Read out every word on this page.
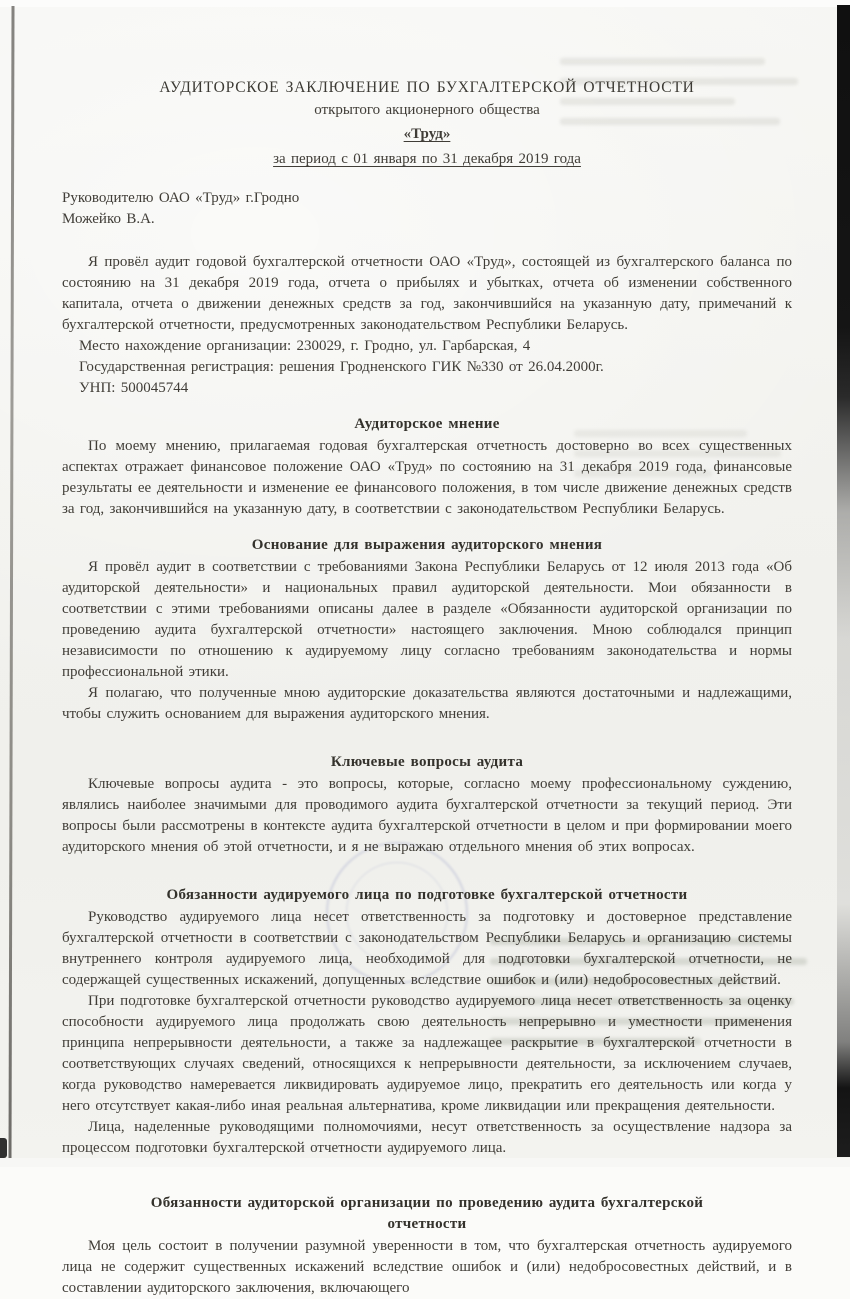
АУДИТОРСКОЕ ЗАКЛЮЧЕНИЕ ПО БУХГАЛТЕРСКОЙ ОТЧЕТНОСТИ
открытого акционерного общества
«Труд»
за период с 01 января по 31 декабря 2019 года
Руководителю ОАО «Труд» г.Гродно
Можейко В.А.

Я провёл аудит годовой бухгалтерской отчетности ОАО «Труд», состоящей из бухгалтерского баланса по состоянию на 31 декабря 2019 года, отчета о прибылях и убытках, отчета об изменении собственного капитала, отчета о движении денежных средств за год, закончившийся на указанную дату, примечаний к бухгалтерской отчетности, предусмотренных законодательством Республики Беларусь.

Место нахождение организации: 230029, г. Гродно, ул. Гарбарская, 4
Государственная регистрация: решения Гродненского ГИК №330 от 26.04.2000г.
УНП: 500045744
Аудиторское мнение

По моему мнению, прилагаемая годовая бухгалтерская отчетность достоверно во всех существенных аспектах отражает финансовое положение ОАО «Труд» по состоянию на 31 декабря 2019 года, финансовые результаты ее деятельности и изменение ее финансового положения, в том числе движение денежных средств за год, закончившийся на указанную дату, в соответствии с законодательством Республики Беларусь.

Основание для выражения аудиторского мнения

Я провёл аудит в соответствии с требованиями Закона Республики Беларусь от 12 июля 2013 года «Об аудиторской деятельности» и национальных правил аудиторской деятельности. Мои обязанности в соответствии с этими требованиями описаны далее в разделе «Обязанности аудиторской организации по проведению аудита бухгалтерской отчетности» настоящего заключения. Мною соблюдался принцип независимости по отношению к аудируемому лицу согласно требованиям законодательства и нормы профессиональной этики.

Я полагаю, что полученные мною аудиторские доказательства являются достаточными и надлежащими, чтобы служить основанием для выражения аудиторского мнения.

Ключевые вопросы аудита

Ключевые вопросы аудита - это вопросы, которые, согласно моему профессиональному суждению, являлись наиболее значимыми для проводимого аудита бухгалтерской отчетности за текущий период. Эти вопросы были рассмотрены в контексте аудита бухгалтерской отчетности в целом и при формировании моего аудиторского мнения об этой отчетности, и я не выражаю отдельного мнения об этих вопросах.

Обязанности аудируемого лица по подготовке бухгалтерской отчетности

Руководство аудируемого лица несет ответственность за подготовку и достоверное представление бухгалтерской отчетности в соответствии с законодательством Республики Беларусь и организацию системы внутреннего контроля аудируемого лица, необходимой для подготовки бухгалтерской отчетности, не содержащей существенных искажений, допущенных вследствие ошибок и (или) недобросовестных действий.

При подготовке бухгалтерской отчетности руководство аудируемого лица несет ответственность за оценку способности аудируемого лица продолжать свою деятельность непрерывно и уместности применения принципа непрерывности деятельности, а также за надлежащее раскрытие в бухгалтерской отчетности в соответствующих случаях сведений, относящихся к непрерывности деятельности, за исключением случаев, когда руководство намеревается ликвидировать аудируемое лицо, прекратить его деятельность или когда у него отсутствует какая-либо иная реальная альтернатива, кроме ликвидации или прекращения деятельности.

Лица, наделенные руководящими полномочиями, несут ответственность за осуществление надзора за процессом подготовки бухгалтерской отчетности аудируемого лица.

Обязанности аудиторской организации по проведению аудита бухгалтерской отчетности

Моя цель состоит в получении разумной уверенности в том, что бухгалтерская отчетность аудируемого лица не содержит существенных искажений вследствие ошибок и (или) недобросовестных действий, и в составлении аудиторского заключения, включающего
